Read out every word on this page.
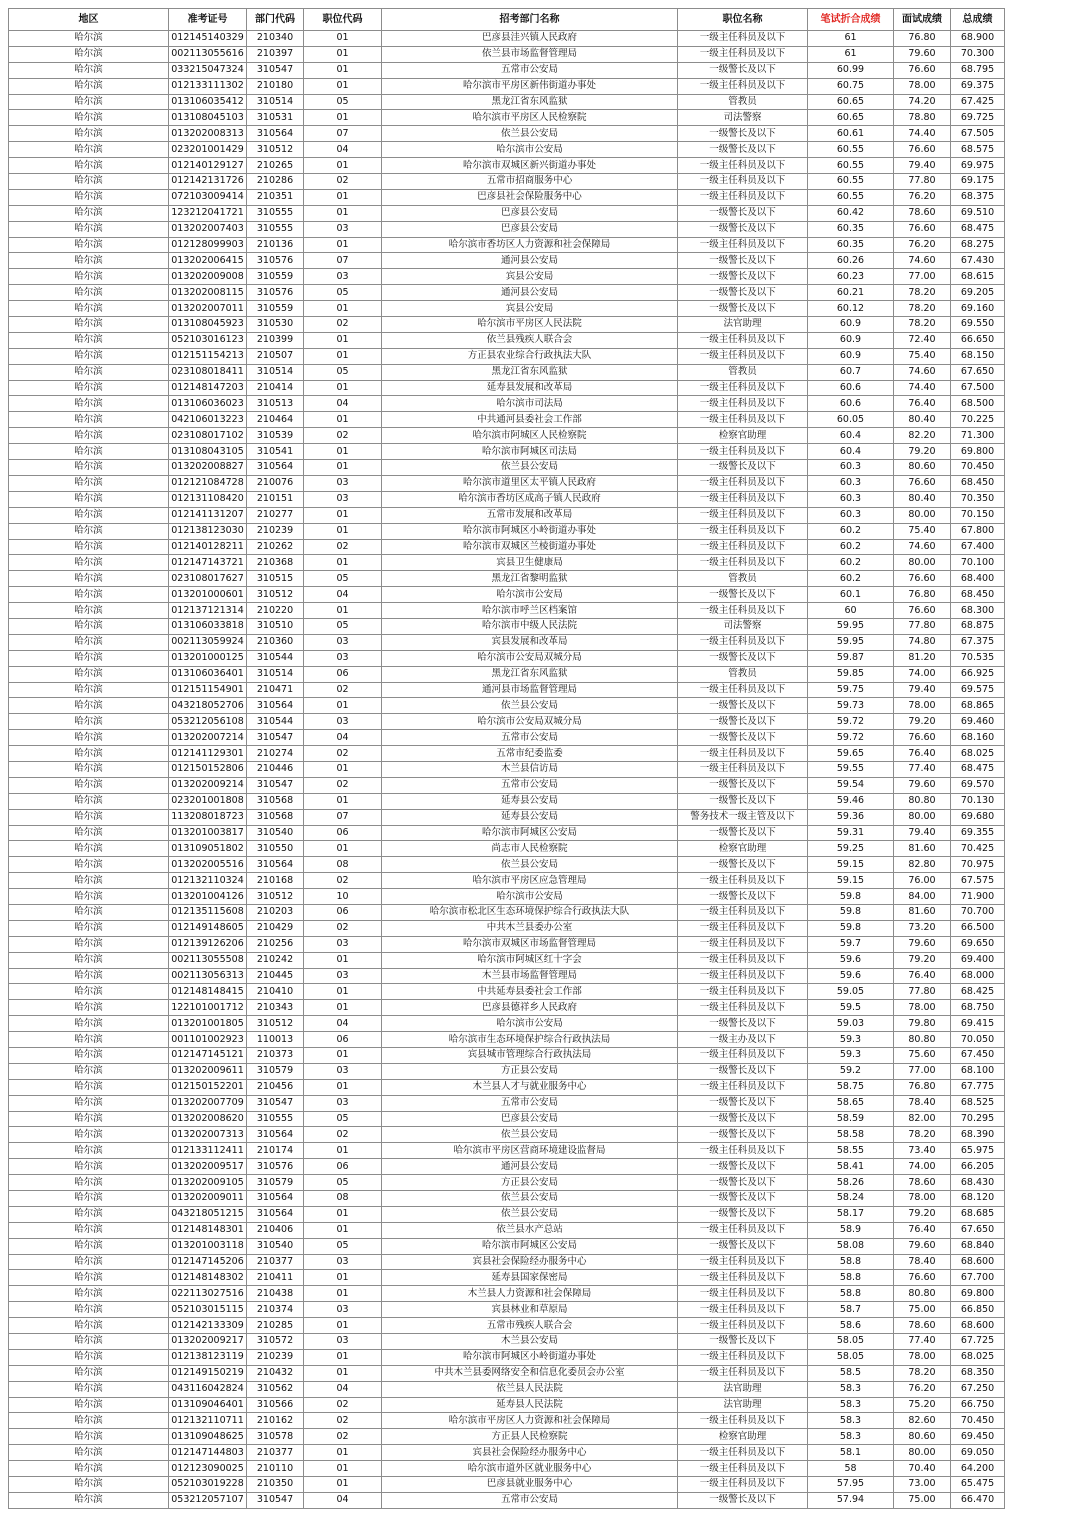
地区	准考证号	部门代码	职位代码	招考部门名称	职位名称	笔试折合成绩	面试成绩	总成绩
哈尔滨	012145140329	210340	01	巴彦县洼兴镇人民政府	一级主任科员及以下	61	76.80	68.900
哈尔滨	002113055616	210397	01	依兰县市场监督管理局	一级主任科员及以下	61	79.60	70.300
哈尔滨	033215047324	310547	01	五常市公安局	一级警长及以下	60.99	76.60	68.795
哈尔滨	012133111302	210180	01	哈尔滨市平房区新伟街道办事处	一级主任科员及以下	60.75	78.00	69.375
哈尔滨	013106035412	310514	05	黑龙江省东风监狱	管教员	60.65	74.20	67.425
哈尔滨	013108045103	310531	01	哈尔滨市平房区人民检察院	司法警察	60.65	78.80	69.725
哈尔滨	013202008313	310564	07	依兰县公安局	一级警长及以下	60.61	74.40	67.505
哈尔滨	023201001429	310512	04	哈尔滨市公安局	一级警长及以下	60.55	76.60	68.575
哈尔滨	012140129127	210265	01	哈尔滨市双城区新兴街道办事处	一级主任科员及以下	60.55	79.40	69.975
哈尔滨	012142131726	210286	02	五常市招商服务中心	一级主任科员及以下	60.55	77.80	69.175
哈尔滨	072103009414	210351	01	巴彦县社会保险服务中心	一级主任科员及以下	60.55	76.20	68.375
哈尔滨	123212041721	310555	01	巴彦县公安局	一级警长及以下	60.42	78.60	69.510
哈尔滨	013202007403	310555	03	巴彦县公安局	一级警长及以下	60.35	76.60	68.475
哈尔滨	012128099903	210136	01	哈尔滨市香坊区人力资源和社会保障局	一级主任科员及以下	60.35	76.20	68.275
哈尔滨	013202006415	310576	07	通河县公安局	一级警长及以下	60.26	74.60	67.430
哈尔滨	013202009008	310559	03	宾县公安局	一级警长及以下	60.23	77.00	68.615
哈尔滨	013202008115	310576	05	通河县公安局	一级警长及以下	60.21	78.20	69.205
哈尔滨	013202007011	310559	01	宾县公安局	一级警长及以下	60.12	78.20	69.160
哈尔滨	013108045923	310530	02	哈尔滨市平房区人民法院	法官助理	60.9	78.20	69.550
哈尔滨	052103016123	210399	01	依兰县残疾人联合会	一级主任科员及以下	60.9	72.40	66.650
哈尔滨	012151154213	210507	01	方正县农业综合行政执法大队	一级主任科员及以下	60.9	75.40	68.150
哈尔滨	023108018411	310514	05	黑龙江省东风监狱	管教员	60.7	74.60	67.650
哈尔滨	012148147203	210414	01	延寿县发展和改革局	一级主任科员及以下	60.6	74.40	67.500
哈尔滨	013106036023	310513	04	哈尔滨市司法局	一级主任科员及以下	60.6	76.40	68.500
哈尔滨	042106013223	210464	01	中共通河县委社会工作部	一级主任科员及以下	60.05	80.40	70.225
哈尔滨	023108017102	310539	02	哈尔滨市阿城区人民检察院	检察官助理	60.4	82.20	71.300
哈尔滨	013108043105	310541	01	哈尔滨市阿城区司法局	一级主任科员及以下	60.4	79.20	69.800
哈尔滨	013202008827	310564	01	依兰县公安局	一级警长及以下	60.3	80.60	70.450
哈尔滨	012121084728	210076	03	哈尔滨市道里区太平镇人民政府	一级主任科员及以下	60.3	76.60	68.450
哈尔滨	012131108420	210151	03	哈尔滨市香坊区成高子镇人民政府	一级主任科员及以下	60.3	80.40	70.350
哈尔滨	012141131207	210277	01	五常市发展和改革局	一级主任科员及以下	60.3	80.00	70.150
哈尔滨	012138123030	210239	01	哈尔滨市阿城区小岭街道办事处	一级主任科员及以下	60.2	75.40	67.800
哈尔滨	012140128211	210262	02	哈尔滨市双城区兰棱街道办事处	一级主任科员及以下	60.2	74.60	67.400
哈尔滨	012147143721	210368	01	宾县卫生健康局	一级主任科员及以下	60.2	80.00	70.100
哈尔滨	023108017627	310515	05	黑龙江省黎明监狱	管教员	60.2	76.60	68.400
哈尔滨	013201000601	310512	04	哈尔滨市公安局	一级警长及以下	60.1	76.80	68.450
哈尔滨	012137121314	210220	01	哈尔滨市呼兰区档案馆	一级主任科员及以下	60	76.60	68.300
哈尔滨	013106033818	310510	05	哈尔滨市中级人民法院	司法警察	59.95	77.80	68.875
哈尔滨	002113059924	210360	03	宾县发展和改革局	一级主任科员及以下	59.95	74.80	67.375
哈尔滨	013201000125	310544	03	哈尔滨市公安局双城分局	一级警长及以下	59.87	81.20	70.535
哈尔滨	013106036401	310514	06	黑龙江省东风监狱	管教员	59.85	74.00	66.925
哈尔滨	012151154901	210471	02	通河县市场监督管理局	一级主任科员及以下	59.75	79.40	69.575
哈尔滨	043218052706	310564	01	依兰县公安局	一级警长及以下	59.73	78.00	68.865
哈尔滨	053212056108	310544	03	哈尔滨市公安局双城分局	一级警长及以下	59.72	79.20	69.460
哈尔滨	013202007214	310547	04	五常市公安局	一级警长及以下	59.72	76.60	68.160
哈尔滨	012141129301	210274	02	五常市纪委监委	一级主任科员及以下	59.65	76.40	68.025
哈尔滨	012150152806	210446	01	木兰县信访局	一级主任科员及以下	59.55	77.40	68.475
哈尔滨	013202009214	310547	02	五常市公安局	一级警长及以下	59.54	79.60	69.570
哈尔滨	023201001808	310568	01	延寿县公安局	一级警长及以下	59.46	80.80	70.130
哈尔滨	113208018723	310568	07	延寿县公安局	警务技术一级主管及以下	59.36	80.00	69.680
哈尔滨	013201003817	310540	06	哈尔滨市阿城区公安局	一级警长及以下	59.31	79.40	69.355
哈尔滨	013109051802	310550	01	尚志市人民检察院	检察官助理	59.25	81.60	70.425
哈尔滨	013202005516	310564	08	依兰县公安局	一级警长及以下	59.15	82.80	70.975
哈尔滨	012132110324	210168	02	哈尔滨市平房区应急管理局	一级主任科员及以下	59.15	76.00	67.575
哈尔滨	013201004126	310512	10	哈尔滨市公安局	一级警长及以下	59.8	84.00	71.900
哈尔滨	012135115608	210203	06	哈尔滨市松北区生态环境保护综合行政执法大队	一级主任科员及以下	59.8	81.60	70.700
哈尔滨	012149148605	210429	02	中共木兰县委办公室	一级主任科员及以下	59.8	73.20	66.500
哈尔滨	012139126206	210256	03	哈尔滨市双城区市场监督管理局	一级主任科员及以下	59.7	79.60	69.650
哈尔滨	002113055508	210242	01	哈尔滨市阿城区红十字会	一级主任科员及以下	59.6	79.20	69.400
哈尔滨	002113056313	210445	03	木兰县市场监督管理局	一级主任科员及以下	59.6	76.40	68.000
哈尔滨	012148148415	210410	01	中共延寿县委社会工作部	一级主任科员及以下	59.05	77.80	68.425
哈尔滨	122101001712	210343	01	巴彦县德祥乡人民政府	一级主任科员及以下	59.5	78.00	68.750
哈尔滨	013201001805	310512	04	哈尔滨市公安局	一级警长及以下	59.03	79.80	69.415
哈尔滨	001101002923	110013	06	哈尔滨市生态环境保护综合行政执法局	一级主办及以下	59.3	80.80	70.050
哈尔滨	012147145121	210373	01	宾县城市管理综合行政执法局	一级主任科员及以下	59.3	75.60	67.450
哈尔滨	013202009611	310579	03	方正县公安局	一级警长及以下	59.2	77.00	68.100
哈尔滨	012150152201	210456	01	木兰县人才与就业服务中心	一级主任科员及以下	58.75	76.80	67.775
哈尔滨	013202007709	310547	03	五常市公安局	一级警长及以下	58.65	78.40	68.525
哈尔滨	013202008620	310555	05	巴彦县公安局	一级警长及以下	58.59	82.00	70.295
哈尔滨	013202007313	310564	02	依兰县公安局	一级警长及以下	58.58	78.20	68.390
哈尔滨	012133112411	210174	01	哈尔滨市平房区营商环境建设监督局	一级主任科员及以下	58.55	73.40	65.975
哈尔滨	013202009517	310576	06	通河县公安局	一级警长及以下	58.41	74.00	66.205
哈尔滨	013202009105	310579	05	方正县公安局	一级警长及以下	58.26	78.60	68.430
哈尔滨	013202009011	310564	08	依兰县公安局	一级警长及以下	58.24	78.00	68.120
哈尔滨	043218051215	310564	01	依兰县公安局	一级警长及以下	58.17	79.20	68.685
哈尔滨	012148148301	210406	01	依兰县水产总站	一级主任科员及以下	58.9	76.40	67.650
哈尔滨	013201003118	310540	05	哈尔滨市阿城区公安局	一级警长及以下	58.08	79.60	68.840
哈尔滨	012147145206	210377	03	宾县社会保险经办服务中心	一级主任科员及以下	58.8	78.40	68.600
哈尔滨	012148148302	210411	01	延寿县国家保密局	一级主任科员及以下	58.8	76.60	67.700
哈尔滨	022113027516	210438	01	木兰县人力资源和社会保障局	一级主任科员及以下	58.8	80.80	69.800
哈尔滨	052103015115	210374	03	宾县林业和草原局	一级主任科员及以下	58.7	75.00	66.850
哈尔滨	012142133309	210285	01	五常市残疾人联合会	一级主任科员及以下	58.6	78.60	68.600
哈尔滨	013202009217	310572	03	木兰县公安局	一级警长及以下	58.05	77.40	67.725
哈尔滨	012138123119	210239	01	哈尔滨市阿城区小岭街道办事处	一级主任科员及以下	58.05	78.00	68.025
哈尔滨	012149150219	210432	01	中共木兰县委网络安全和信息化委员会办公室	一级主任科员及以下	58.5	78.20	68.350
哈尔滨	043116042824	310562	04	依兰县人民法院	法官助理	58.3	76.20	67.250
哈尔滨	013109046401	310566	02	延寿县人民法院	法官助理	58.3	75.20	66.750
哈尔滨	012132110711	210162	02	哈尔滨市平房区人力资源和社会保障局	一级主任科员及以下	58.3	82.60	70.450
哈尔滨	013109048625	310578	02	方正县人民检察院	检察官助理	58.3	80.60	69.450
哈尔滨	012147144803	210377	01	宾县社会保险经办服务中心	一级主任科员及以下	58.1	80.00	69.050
哈尔滨	012123090025	210110	01	哈尔滨市道外区就业服务中心	一级主任科员及以下	58	70.40	64.200
哈尔滨	052103019228	210350	01	巴彦县就业服务中心	一级主任科员及以下	57.95	73.00	65.475
哈尔滨	053212057107	310547	04	五常市公安局	一级警长及以下	57.94	75.00	66.470
